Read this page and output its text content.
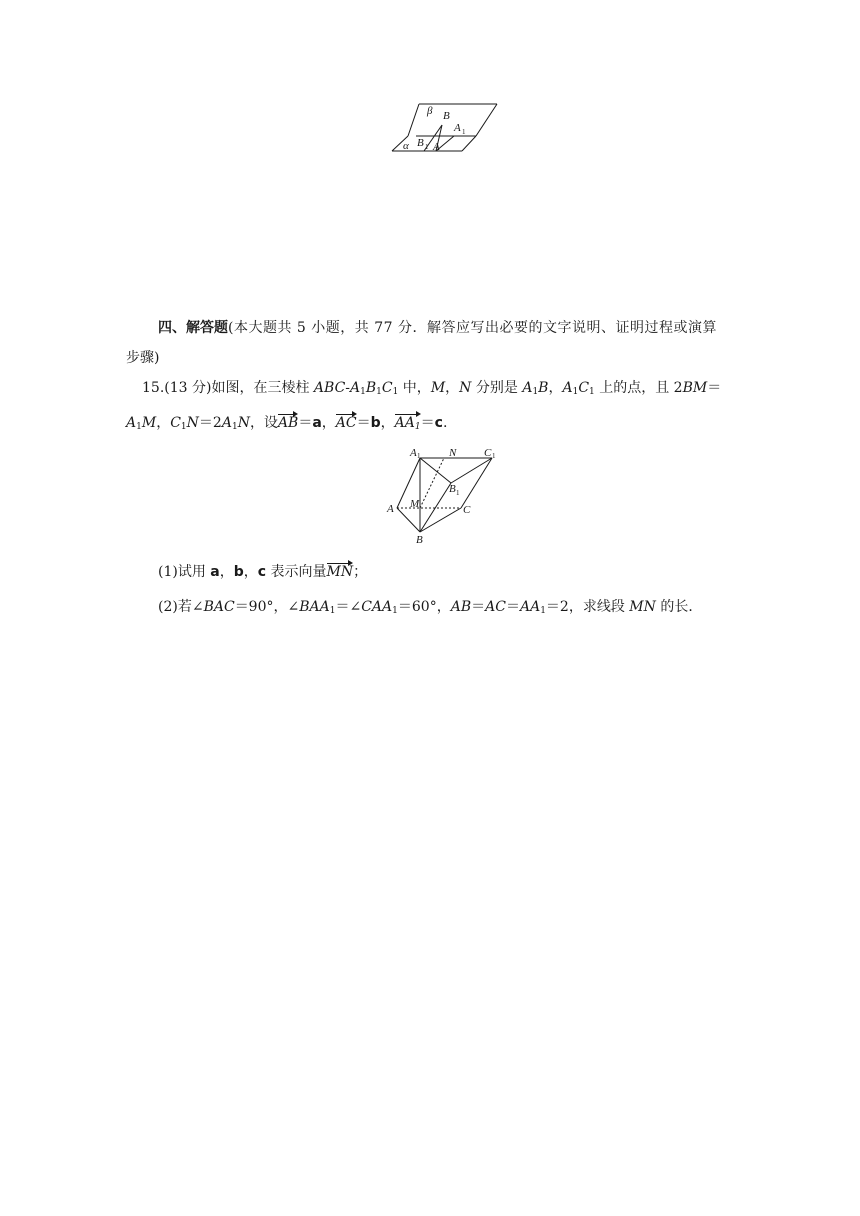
β B
A 1
α B 1 A
四、解答题(本大题共 5 小题，共 77 分．解答应写出必要的文字说明、证明过程或演算
步骤)
15.(13 分)如图，在三棱柱 ABC-$A_1B_1C_1$ 中，M，N 分别是 $A_1B$，$A_1C_1$ 上的点，且 2BM＝
$A_1M$，$C_1N=2A_1N$，设AB＝a，AC＝b，$AA_1=c$.
A 1	N	C 1
B 1
M
A	C
B
(1)试用 a，b，c 表示向量MN；
(2)若∠BAC＝90°，$\angle BAA_1=\angle CAA_1=60^\circ$，$AB=AC=AA_1=2$，求线段 MN 的长．
